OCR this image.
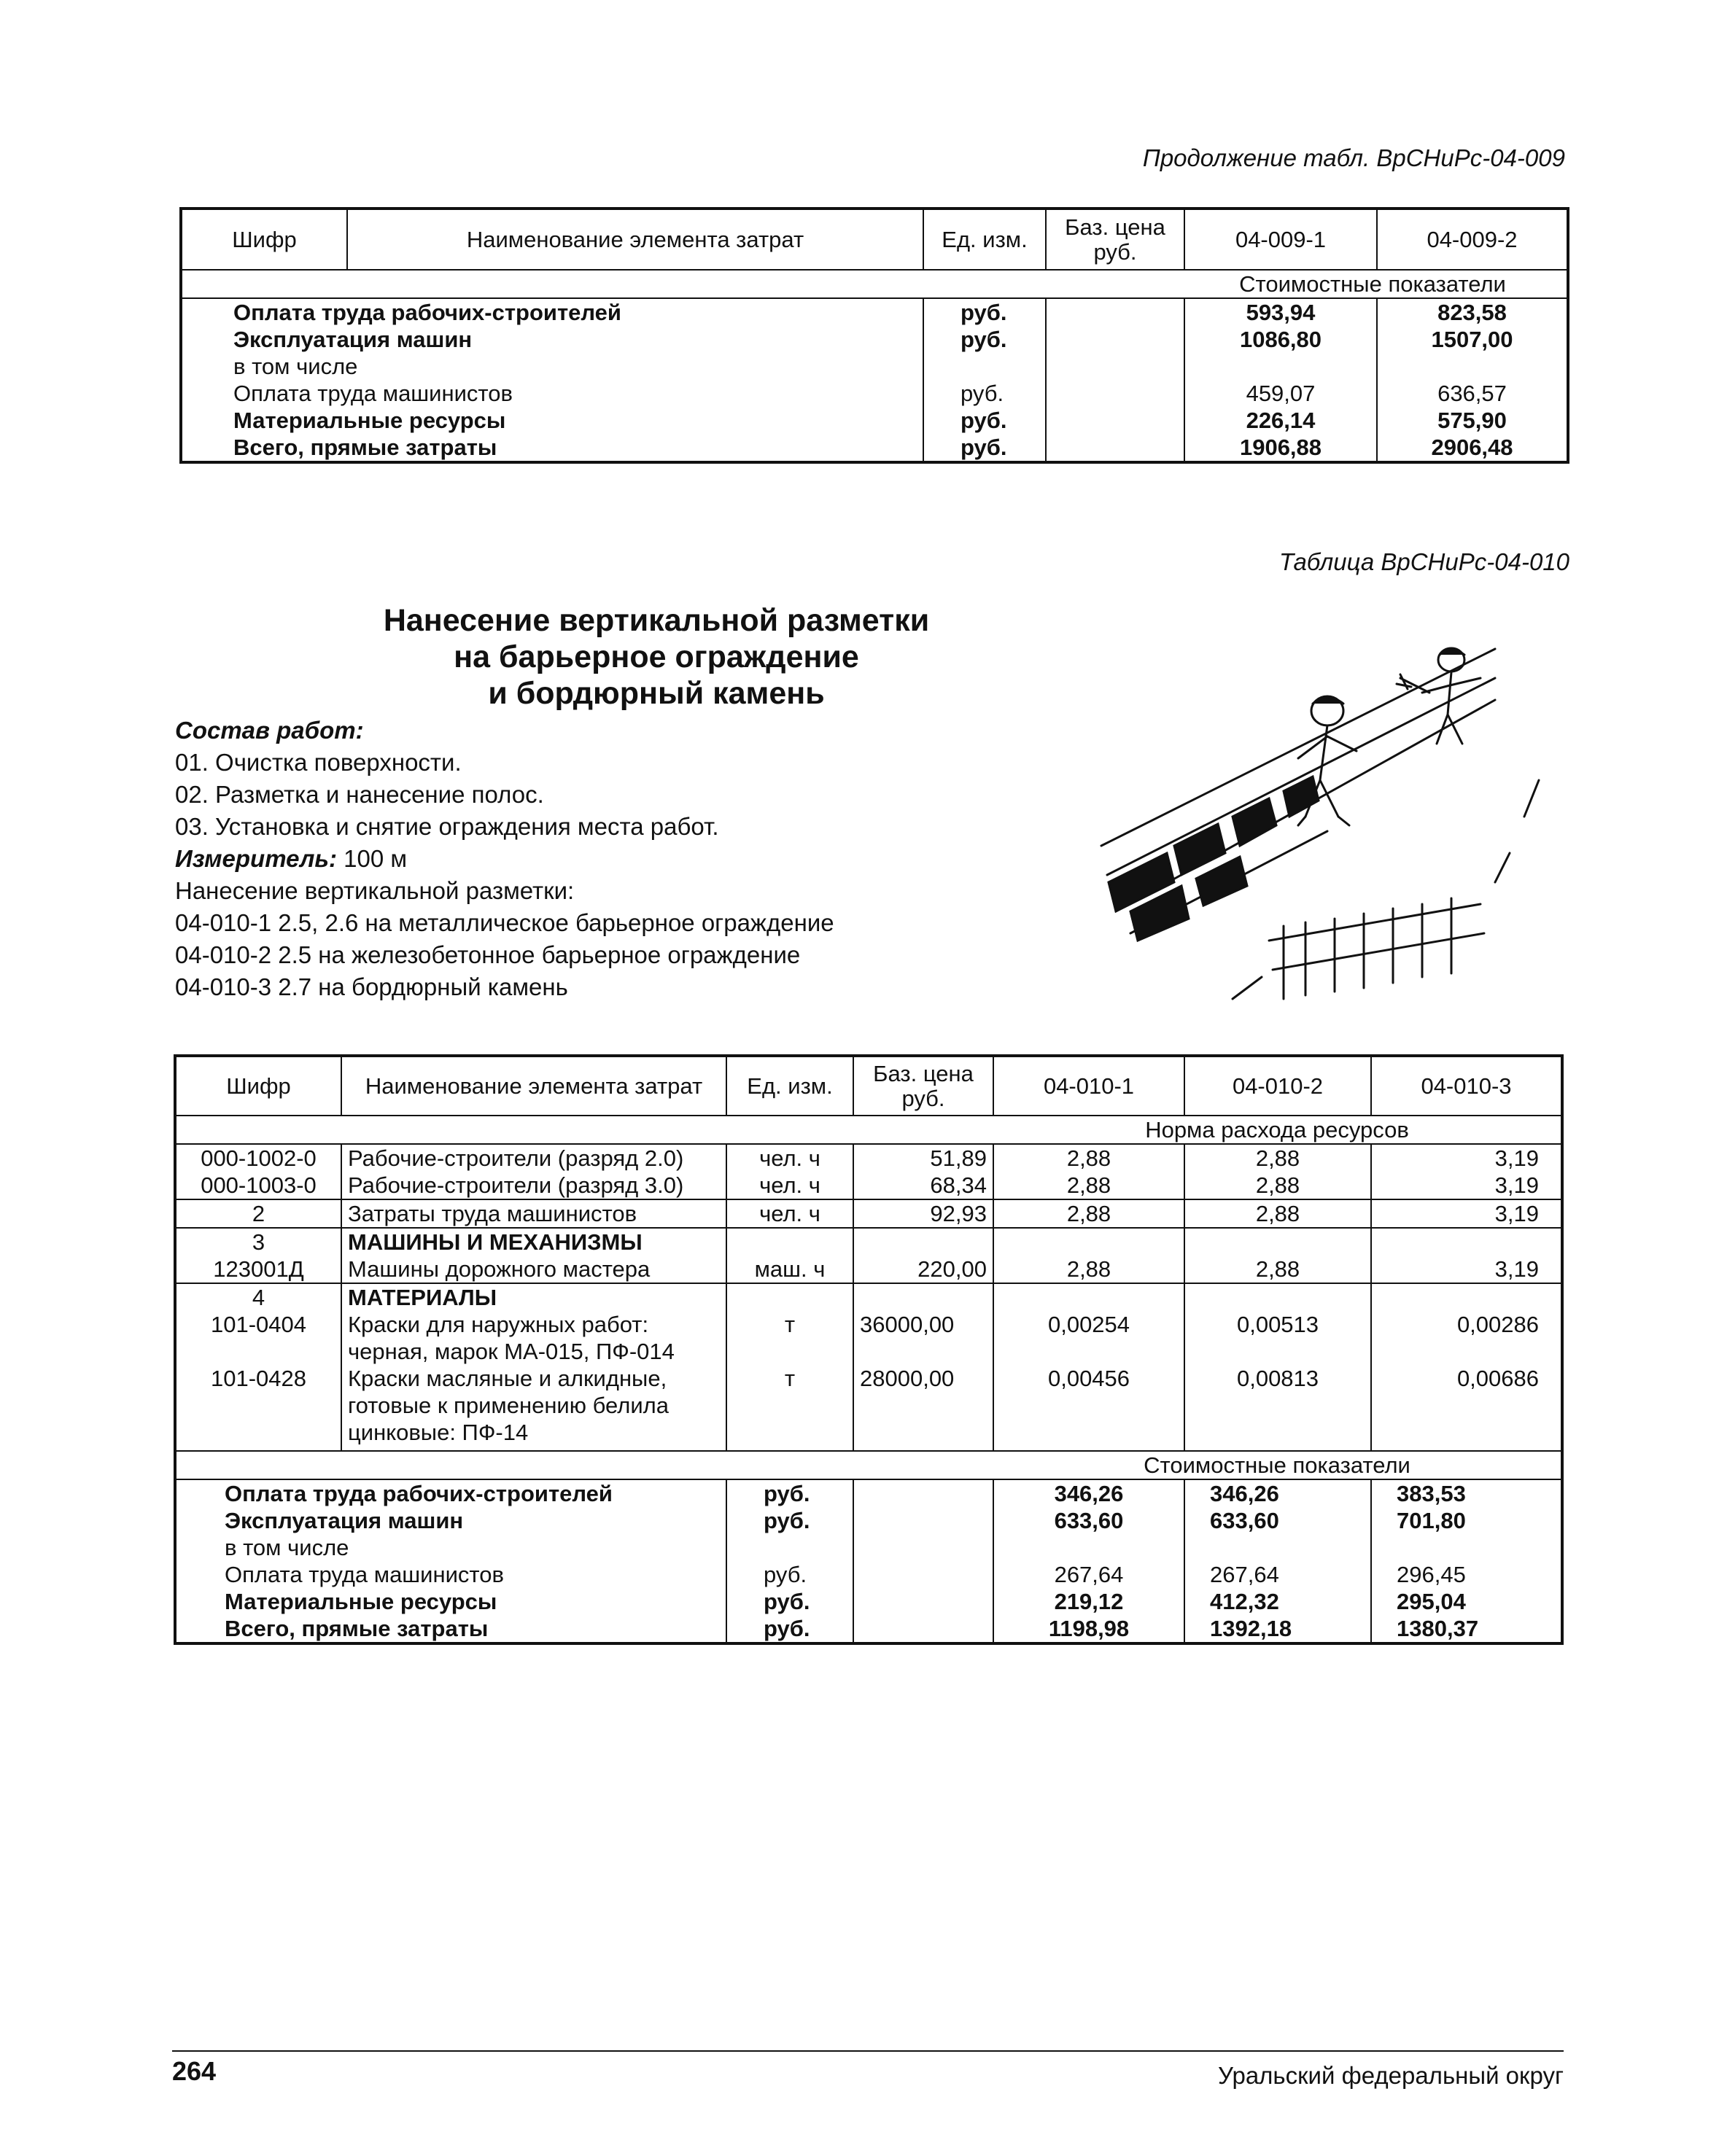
Продолжение табл. ВрСНиРс-04-009
Шифр	Наименование элемента затрат	Ед. изм.	Баз. цена руб.	04-009-1	04-009-2
				Стоимостные показатели	
Оплата труда рабочих-строителей		руб.		593,94	823,58
Эксплуатация машин		руб.		1086,80	1507,00
в том числе					
Оплата труда машинистов		руб.		459,07	636,57
Материальные ресурсы		руб.		226,14	575,90
Всего, прямые затраты		руб.		1906,88	2906,48
Таблица ВрСНиРс-04-010
Нанесение вертикальной разметки
на барьерное ограждение
и бордюрный камень
Состав работ:
01. Очистка поверхности.
02. Разметка и нанесение полос.
03. Установка и снятие ограждения места работ.
Измеритель: 100 м
Нанесение вертикальной разметки:
04-010-1 2.5, 2.6 на металлическое барьерное ограждение
04-010-2 2.5 на железобетонное барьерное ограждение
04-010-3 2.7 на бордюрный камень
Шифр	Наименование элемента затрат	Ед. изм.	Баз. цена руб.	04-010-1	04-010-2	04-010-3
				Норма расхода ресурсов		
000-1002-0	Рабочие-строители (разряд 2.0)	чел. ч	51,89	2,88	2,88	3,19
000-1003-0	Рабочие-строители (разряд 3.0)	чел. ч	68,34	2,88	2,88	3,19
2	Затраты труда машинистов	чел. ч	92,93	2,88	2,88	3,19
3	МАШИНЫ И МЕХАНИЗМЫ					
123001Д	Машины дорожного мастера	маш. ч	220,00	2,88	2,88	3,19
4	МАТЕРИАЛЫ					
101-0404	Краски для наружных работ: черная, марок МА-015, ПФ-014	т	36000,00	0,00254	0,00513	0,00286
101-0428	Краски масляные и алкидные, готовые к применению белила цинковые: ПФ-14	т	28000,00	0,00456	0,00813	0,00686
				Стоимостные показатели		
Оплата труда рабочих-строителей		руб.		346,26	346,26	383,53
Эксплуатация машин		руб.		633,60	633,60	701,80
в том числе						
Оплата труда машинистов		руб.		267,64	267,64	296,45
Материальные ресурсы		руб.		219,12	412,32	295,04
Всего, прямые затраты		руб.		1198,98	1392,18	1380,37
264	Уральский федеральный округ
